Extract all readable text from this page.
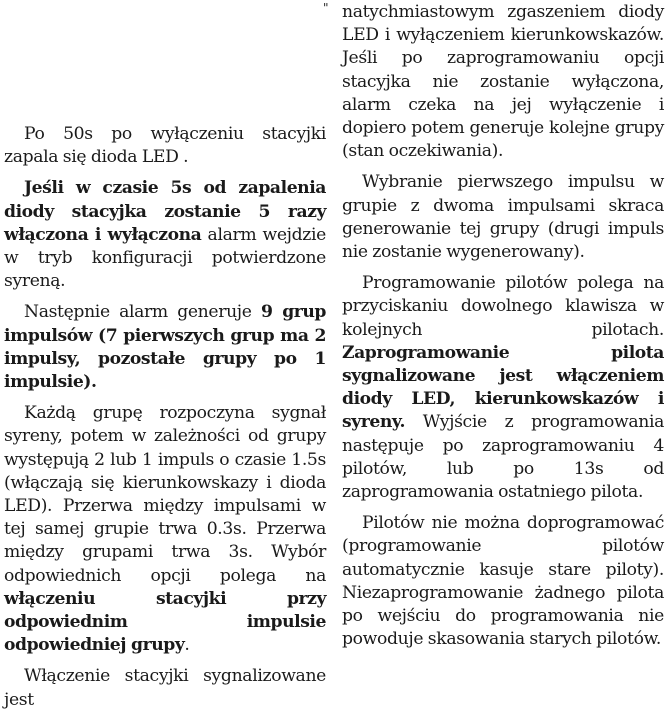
"

Po 50s po wyłączeniu stacyjki zapala się dioda LED .

Jeśli w czasie 5s od zapalenia diody stacyjka zostanie 5 razy włączona i wyłączona alarm wejdzie w tryb konfiguracji potwierdzone syreną.

Następnie alarm generuje 9 grup impulsów (7 pierwszych grup ma 2 impulsy, pozostałe grupy po 1 impulsie).

Każdą grupę rozpoczyna sygnał syreny, potem w zależności od grupy występują 2 lub 1 impuls o czasie 1.5s (włączają się kierunkowskazy i dioda LED). Przerwa między impulsami w tej samej grupie trwa 0.3s. Przerwa między grupami trwa 3s. Wybór odpowiednich opcji polega na włączeniu stacyjki przy odpowiednim impulsie odpowiedniej grupy.

Włączenie stacyjki sygnalizowane jest

natychmiastowym zgaszeniem diody LED i wyłączeniem kierunkowskazów. Jeśli po zaprogramowaniu opcji stacyjka nie zostanie wyłączona, alarm czeka na jej wyłączenie i dopiero potem generuje kolejne grupy (stan oczekiwania).

Wybranie pierwszego impulsu w grupie z dwoma impulsami skraca generowanie tej grupy (drugi impuls nie zostanie wygenerowany).

Programowanie pilotów polega na przyciskaniu dowolnego klawisza w kolejnych pilotach. Zaprogramowanie pilota sygnalizowane jest włączeniem diody LED, kierunkowskazów i syreny. Wyjście z programowania następuje po zaprogramowaniu 4 pilotów, lub po 13s od zaprogramowania ostatniego pilota.

Pilotów nie można doprogramować (programowanie pilotów automatycznie kasuje stare piloty). Niezaprogramowanie żadnego pilota po wejściu do programowania nie powoduje skasowania starych pilotów.
